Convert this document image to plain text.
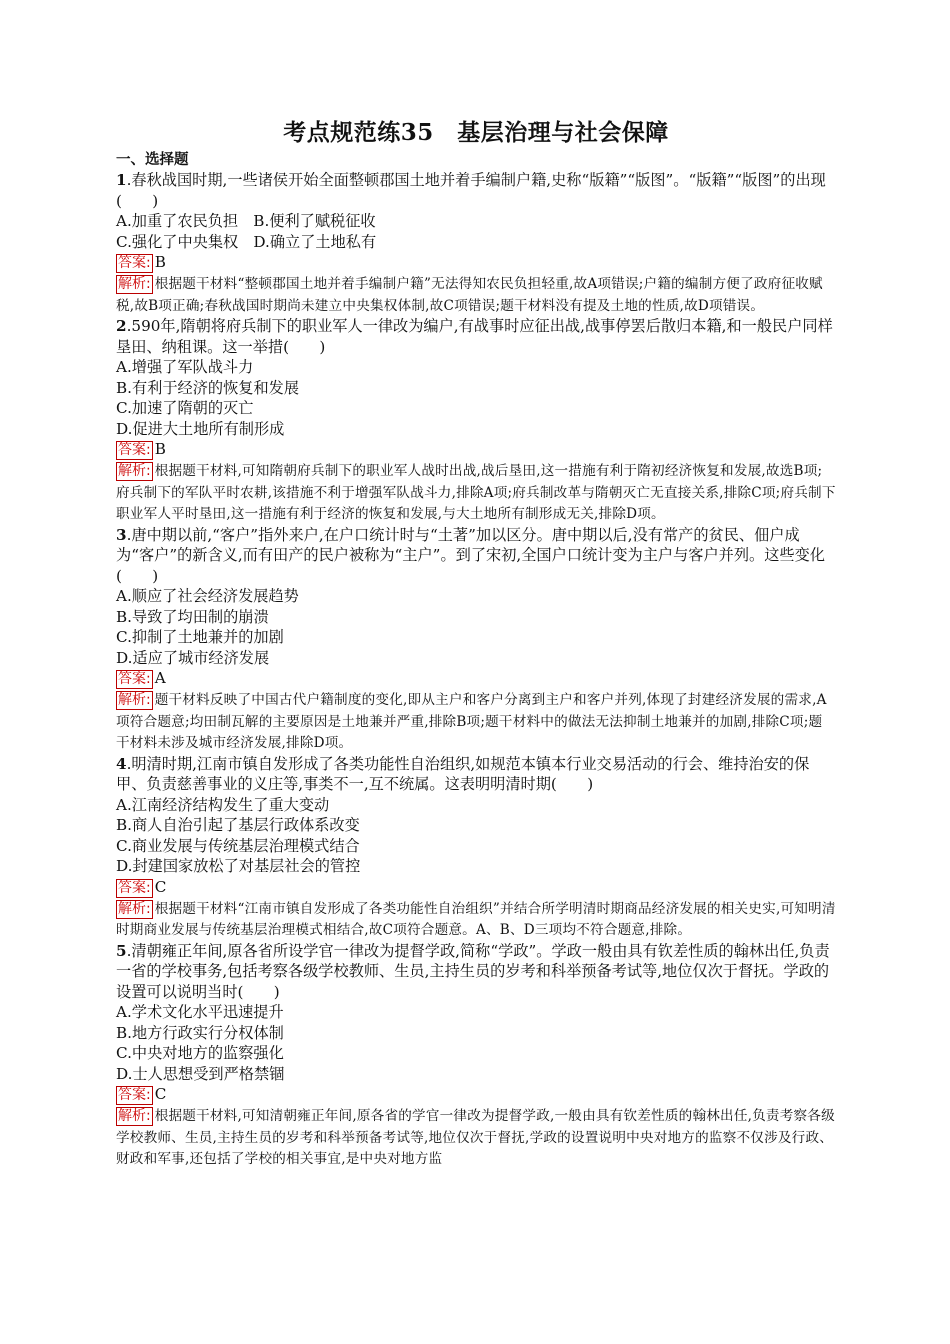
考点规范练35　基层治理与社会保障
一、选择题

1.春秋战国时期,一些诸侯开始全面整顿郡国土地并着手编制户籍,史称“版籍”“版图”。“版籍”“版图”的出现(　　)

A.加重了农民负担　B.便利了赋税征收

C.强化了中央集权　D.确立了土地私有

答案: B

解析: 根据题干材料“整顿郡国土地并着手编制户籍”无法得知农民负担轻重,故A项错误;户籍的编制方便了政府征收赋税,故B项正确;春秋战国时期尚未建立中央集权体制,故C项错误;题干材料没有提及土地的性质,故D项错误。

2.590年,隋朝将府兵制下的职业军人一律改为编户,有战事时应征出战,战事停罢后散归本籍,和一般民户同样垦田、纳租课。这一举措(　　)

A.增强了军队战斗力

B.有利于经济的恢复和发展

C.加速了隋朝的灭亡

D.促进大土地所有制形成

答案: B

解析: 根据题干材料,可知隋朝府兵制下的职业军人战时出战,战后垦田,这一措施有利于隋初经济恢复和发展,故选B项;府兵制下的军队平时农耕,该措施不利于增强军队战斗力,排除A项;府兵制改革与隋朝灭亡无直接关系,排除C项;府兵制下职业军人平时垦田,这一措施有利于经济的恢复和发展,与大土地所有制形成无关,排除D项。

3.唐中期以前,“客户”指外来户,在户口统计时与“土著”加以区分。唐中期以后,没有常产的贫民、佃户成为“客户”的新含义,而有田产的民户被称为“主户”。到了宋初,全国户口统计变为主户与客户并列。这些变化(　　)

A.顺应了社会经济发展趋势

B.导致了均田制的崩溃

C.抑制了土地兼并的加剧

D.适应了城市经济发展

答案: A

解析: 题干材料反映了中国古代户籍制度的变化,即从主户和客户分离到主户和客户并列,体现了封建经济发展的需求,A项符合题意;均田制瓦解的主要原因是土地兼并严重,排除B项;题干材料中的做法无法抑制土地兼并的加剧,排除C项;题干材料未涉及城市经济发展,排除D项。

4.明清时期,江南市镇自发形成了各类功能性自治组织,如规范本镇本行业交易活动的行会、维持治安的保甲、负责慈善事业的义庄等,事类不一,互不统属。这表明明清时期(　　)

A.江南经济结构发生了重大变动

B.商人自治引起了基层行政体系改变

C.商业发展与传统基层治理模式结合

D.封建国家放松了对基层社会的管控

答案: C

解析: 根据题干材料“江南市镇自发形成了各类功能性自治组织”并结合所学明清时期商品经济发展的相关史实,可知明清时期商业发展与传统基层治理模式相结合,故C项符合题意。A、B、D三项均不符合题意,排除。

5.清朝雍正年间,原各省所设学官一律改为提督学政,简称“学政”。学政一般由具有钦差性质的翰林出任,负责一省的学校事务,包括考察各级学校教师、生员,主持生员的岁考和科举预备考试等,地位仅次于督抚。学政的设置可以说明当时(　　)

A.学术文化水平迅速提升

B.地方行政实行分权体制

C.中央对地方的监察强化

D.士人思想受到严格禁锢

答案: C

解析: 根据题干材料,可知清朝雍正年间,原各省的学官一律改为提督学政,一般由具有钦差性质的翰林出任,负责考察各级学校教师、生员,主持生员的岁考和科举预备考试等,地位仅次于督抚,学政的设置说明中央对地方的监察不仅涉及行政、财政和军事,还包括了学校的相关事宜,是中央对地方监
